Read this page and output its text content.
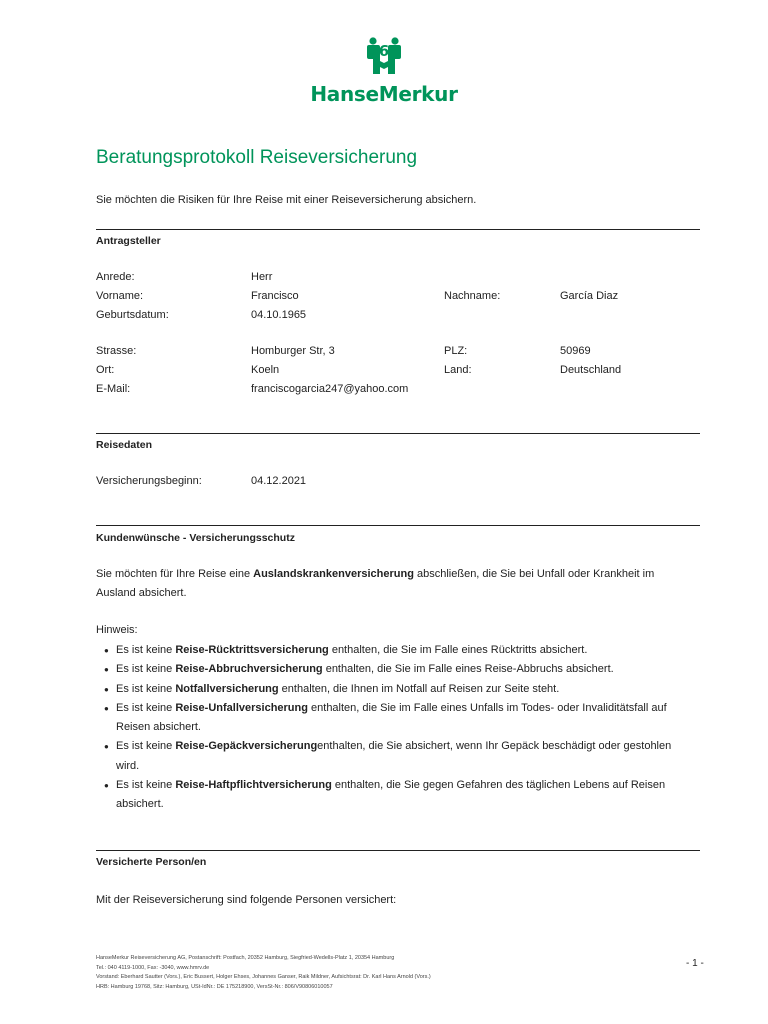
6
HanseMerkur
Beratungsprotokoll Reiseversicherung
Sie möchten die Risiken für Ihre Reise mit einer Reiseversicherung absichern.
Antragsteller
Anrede:	Herr
Vorname:	Francisco	Nachname:	García Diaz
Geburtsdatum:	04.10.1965
Strasse:	Homburger Str, 3	PLZ:	50969
Ort:	Koeln	Land:	Deutschland
E-Mail:	franciscogarcia247@yahoo.com
Reisedaten
Versicherungsbeginn:	04.12.2021
Kundenwünsche - Versicherungsschutz
Sie möchten für Ihre Reise eine Auslandskrankenversicherung abschließen, die Sie bei Unfall oder Krankheit im Ausland absichert.
Hinweis:
● Es ist keine Reise-Rücktrittsversicherung enthalten, die Sie im Falle eines Rücktritts absichert.
● Es ist keine Reise-Abbruchversicherung enthalten, die Sie im Falle eines Reise-Abbruchs absichert.
● Es ist keine Notfallversicherung enthalten, die Ihnen im Notfall auf Reisen zur Seite steht.
● Es ist keine Reise-Unfallversicherung enthalten, die Sie im Falle eines Unfalls im Todes- oder Invaliditätsfall auf Reisen absichert.
● Es ist keine Reise-Gepäckversicherungenthalten, die Sie absichert, wenn Ihr Gepäck beschädigt oder gestohlen wird.
● Es ist keine Reise-Haftpflichtversicherung enthalten, die Sie gegen Gefahren des täglichen Lebens auf Reisen absichert.
Versicherte Person/en
Mit der Reiseversicherung sind folgende Personen versichert:
HanseMerkur Reiseversicherung AG, Postanschrift: Postfach, 20352 Hamburg, Siegfried-Wedells-Platz 1, 20354 Hamburg
Tel.: 040 4119-1000, Fax: -3040, www.hmrv.de
Vorstand: Eberhard Sautter (Vors.), Eric Bussert, Holger Ehses, Johannes Ganser, Raik Mildner, Aufsichtsrat: Dr. Karl Hans Arnold (Vors.)
HRB: Hamburg 19768, Sitz: Hamburg, USt-IdNr.: DE 175218900, VersSt-Nr.: 806/V90806010057
- 1 -
